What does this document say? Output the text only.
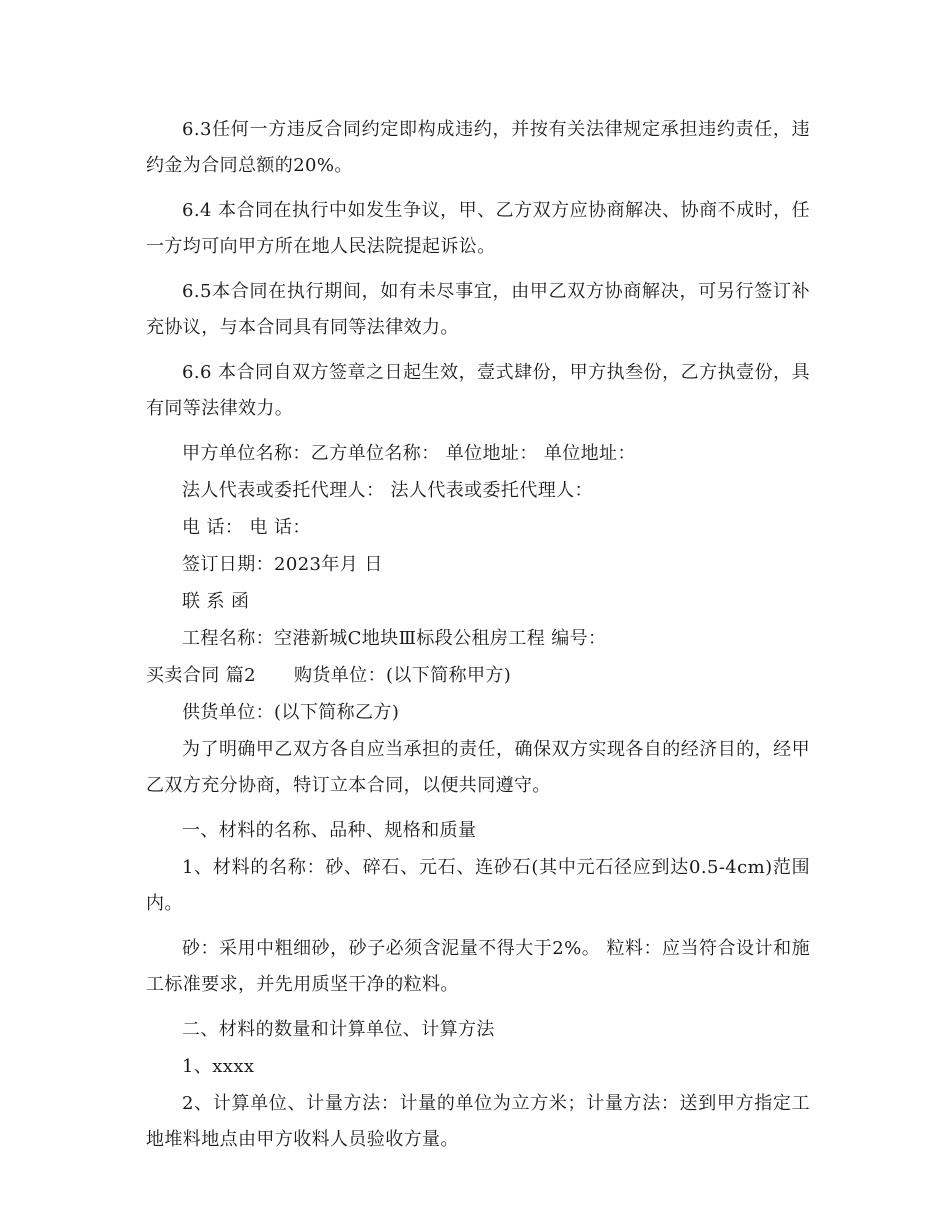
6.3任何一方违反合同约定即构成违约，并按有关法律规定承担违约责任，违约金为合同总额的20%。

6.4 本合同在执行中如发生争议，甲、乙方双方应协商解决、协商不成时，任一方均可向甲方所在地人民法院提起诉讼。

6.5本合同在执行期间，如有未尽事宜，由甲乙双方协商解决，可另行签订补充协议，与本合同具有同等法律效力。

6.6 本合同自双方签章之日起生效，壹式肆份，甲方执叁份，乙方执壹份，具有同等法律效力。

甲方单位名称：乙方单位名称： 单位地址： 单位地址：
法人代表或委托代理人： 法人代表或委托代理人：
电 话： 电 话：
签订日期：2023年月 日
联 系 函
工程名称：空港新城C地块Ⅲ标段公租房工程 编号：
买卖合同 篇2 购货单位：(以下简称甲方)
供货单位：(以下简称乙方)

为了明确甲乙双方各自应当承担的责任，确保双方实现各自的经济目的，经甲乙双方充分协商，特订立本合同，以便共同遵守。

一、材料的名称、品种、规格和质量

1、材料的名称：砂、碎石、元石、连砂石(其中元石径应到达0.5-4cm)范围内。

砂：采用中粗细砂，砂子必须含泥量不得大于2%。 粒料：应当符合设计和施工标准要求，并先用质坚干净的粒料。

二、材料的数量和计算单位、计算方法
1、xxxx

2、计算单位、计量方法：计量的单位为立方米；计量方法：送到甲方指定工地堆料地点由甲方收料人员验收方量。
